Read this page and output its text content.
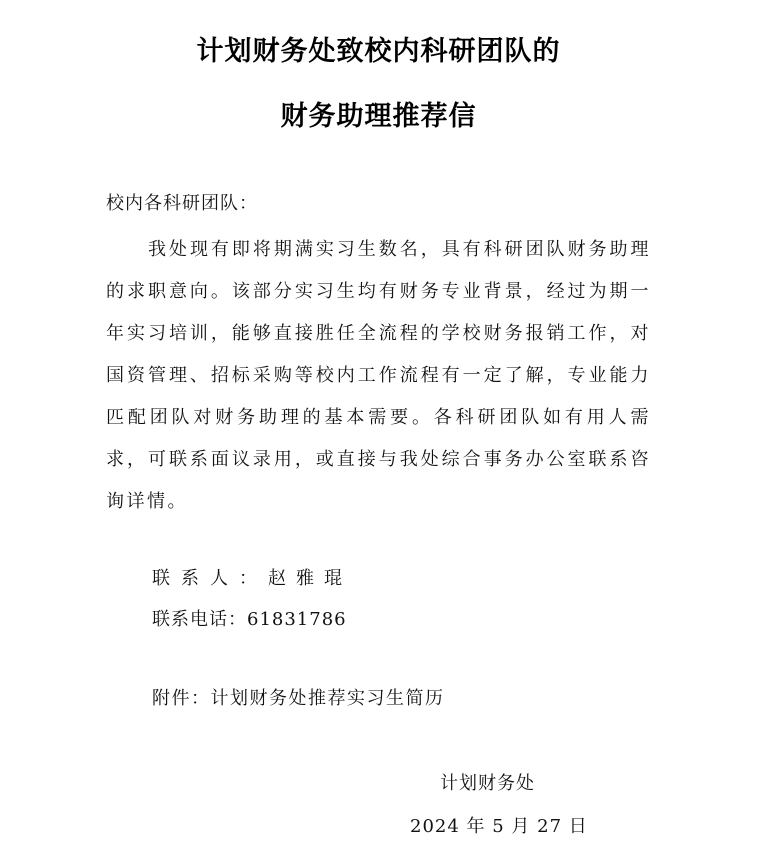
计划财务处致校内科研团队的
财务助理推荐信
校内各科研团队：
我处现有即将期满实习生数名，具有科研团队财务助理的求职意向。该部分实习生均有财务专业背景，经过为期一年实习培训，能够直接胜任全流程的学校财务报销工作，对国资管理、招标采购等校内工作流程有一定了解，专业能力匹配团队对财务助理的基本需要。各科研团队如有用人需求，可联系面议录用，或直接与我处综合事务办公室联系咨询详情。
联系人：赵雅琨
联系电话：61831786
附件：计划财务处推荐实习生简历
计划财务处
2024 年 5 月 27 日
